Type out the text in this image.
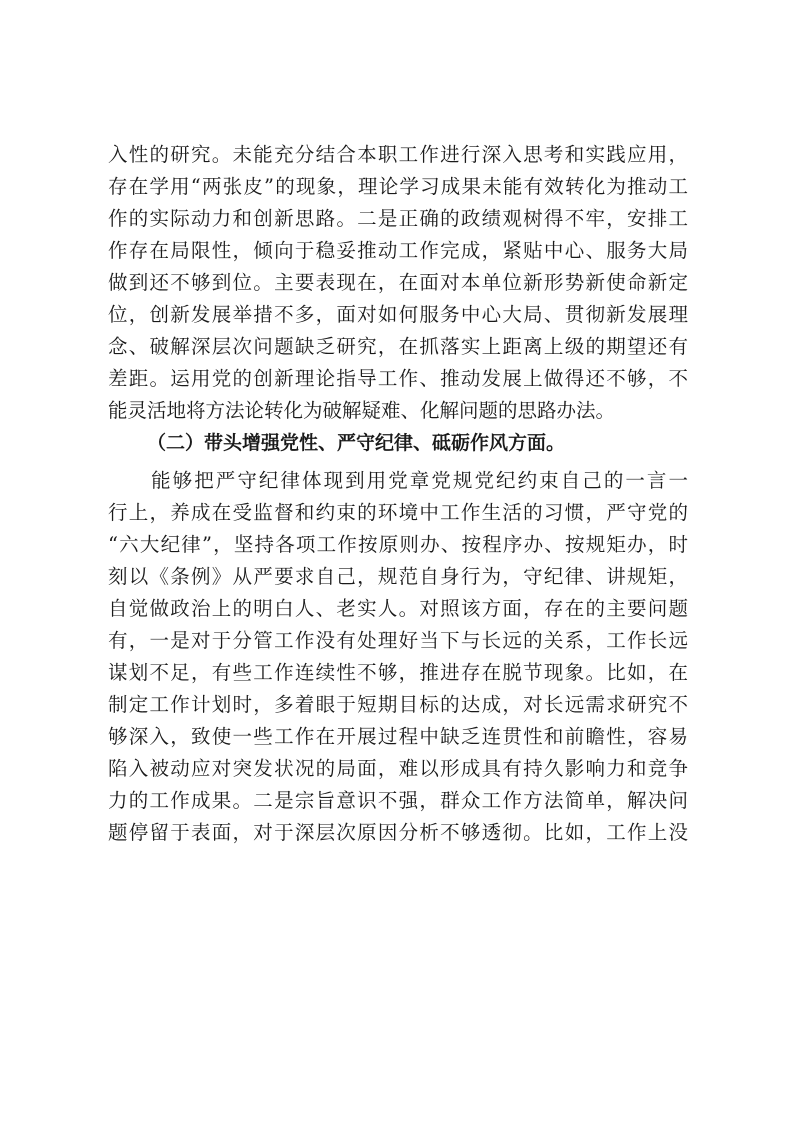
入性的研究。未能充分结合本职工作进行深入思考和实践应用，
存在学用“两张皮”的现象，理论学习成果未能有效转化为推动工
作的实际动力和创新思路。二是正确的政绩观树得不牢，安排工
作存在局限性，倾向于稳妥推动工作完成，紧贴中心、服务大局
做到还不够到位。主要表现在，在面对本单位新形势新使命新定
位，创新发展举措不多，面对如何服务中心大局、贯彻新发展理
念、破解深层次问题缺乏研究，在抓落实上距离上级的期望还有
差距。运用党的创新理论指导工作、推动发展上做得还不够，不
能灵活地将方法论转化为破解疑难、化解问题的思路办法。
（二）带头增强党性、严守纪律、砥砺作风方面。
　　能够把严守纪律体现到用党章党规党纪约束自己的一言一
行上，养成在受监督和约束的环境中工作生活的习惯，严守党的
“六大纪律”，坚持各项工作按原则办、按程序办、按规矩办，时
刻以《条例》从严要求自己，规范自身行为，守纪律、讲规矩，
自觉做政治上的明白人、老实人。对照该方面，存在的主要问题
有，一是对于分管工作没有处理好当下与长远的关系，工作长远
谋划不足，有些工作连续性不够，推进存在脱节现象。比如，在
制定工作计划时，多着眼于短期目标的达成，对长远需求研究不
够深入，致使一些工作在开展过程中缺乏连贯性和前瞻性，容易
陷入被动应对突发状况的局面，难以形成具有持久影响力和竞争
力的工作成果。二是宗旨意识不强，群众工作方法简单，解决问
题停留于表面，对于深层次原因分析不够透彻。比如，工作上没
